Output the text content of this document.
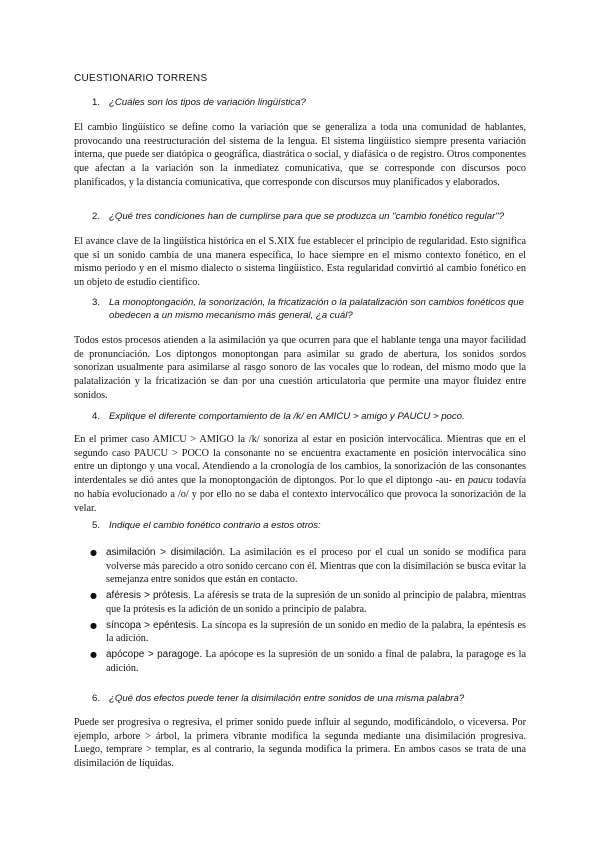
CUESTIONARIO TORRENS
1. ¿Cuáles son los tipos de variación lingüística?
El cambio lingüístico se define como la variación que se generaliza a toda una comunidad de hablantes, provocando una reestructuración del sistema de la lengua. El sistema lingüístico siempre presenta variación interna, que puede ser diatópica o geográfica, diastrática o social, y diafásica o de registro. Otros componentes que afectan a la variación son la inmediatez comunicativa, que se corresponde con discursos poco planificados, y la distancia comunicativa, que corresponde con discursos muy planificados y elaborados.
2. ¿Qué tres condiciones han de cumplirse para que se produzca un "cambio fonético regular"?
El avance clave de la lingüística histórica en el S.XIX fue establecer el principio de regularidad. Esto significa que si un sonido cambia de una manera específica, lo hace siempre en el mismo contexto fonético, en el mismo periodo y en el mismo dialecto o sistema lingüístico. Esta regularidad convirtió al cambio fonético en un objeto de estudio científico.
3. La monoptongación, la sonorización, la fricatización o la palatalización son cambios fonéticos que obedecen a un mismo mecanismo más general, ¿a cuál?
Todos estos procesos atienden a la asimilación ya que ocurren para que el hablante tenga una mayor facilidad de pronunciación. Los diptongos monoptongan para asimilar su grado de abertura, los sonidos sordos sonorizan usualmente para asimilarse al rasgo sonoro de las vocales que lo rodean, del mismo modo que la palatalización y la fricatización se dan por una cuestión articulatoria que permite una mayor fluidez entre sonidos.
4. Explique el diferente comportamiento de la /k/ en AMICU > amigo y PAUCU > poco.
En el primer caso AMICU > AMIGO la /k/ sonoriza al estar en posición intervocálica. Mientras que en el segundo caso PAUCU > POCO la consonante no se encuentra exactamente en posición intervocálica sino entre un diptongo y una vocal. Atendiendo a la cronología de los cambios, la sonorización de las consonantes interdentales se dió antes que la monoptongación de diptongos. Por lo que el diptongo -au- en paucu todavía no había evolucionado a /o/ y por ello no se daba el contexto intervocálico que provoca la sonorización de la velar.
5. Indique el cambio fonético contrario a estos otros:
● asimilación > disimilación. La asimilación es el proceso por el cual un sonido se modifica para volverse más parecido a otro sonido cercano con él. Mientras que con la disimilación se busca evitar la semejanza entre sonidos que están en contacto.
● aféresis > prótesis. La aféresis se trata de la supresión de un sonido al principio de palabra, mientras que la prótesis es la adición de un sonido a principio de palabra.
● síncopa > epéntesis. La síncopa es la supresión de un sonido en medio de la palabra, la epéntesis es la adición.
● apócope > paragoge. La apócope es la supresión de un sonido a final de palabra, la paragoge es la adición.
6. ¿Qué dos efectos puede tener la disimilación entre sonidos de una misma palabra?
Puede ser progresiva o regresiva, el primer sonido puede influir al segundo, modificándolo, o viceversa. Por ejemplo, arbore > árbol, la primera vibrante modifica la segunda mediante una disimilación progresiva. Luego, temprare > templar, es al contrario, la segunda modifica la primera. En ambos casos se trata de una disimilación de líquidas.
